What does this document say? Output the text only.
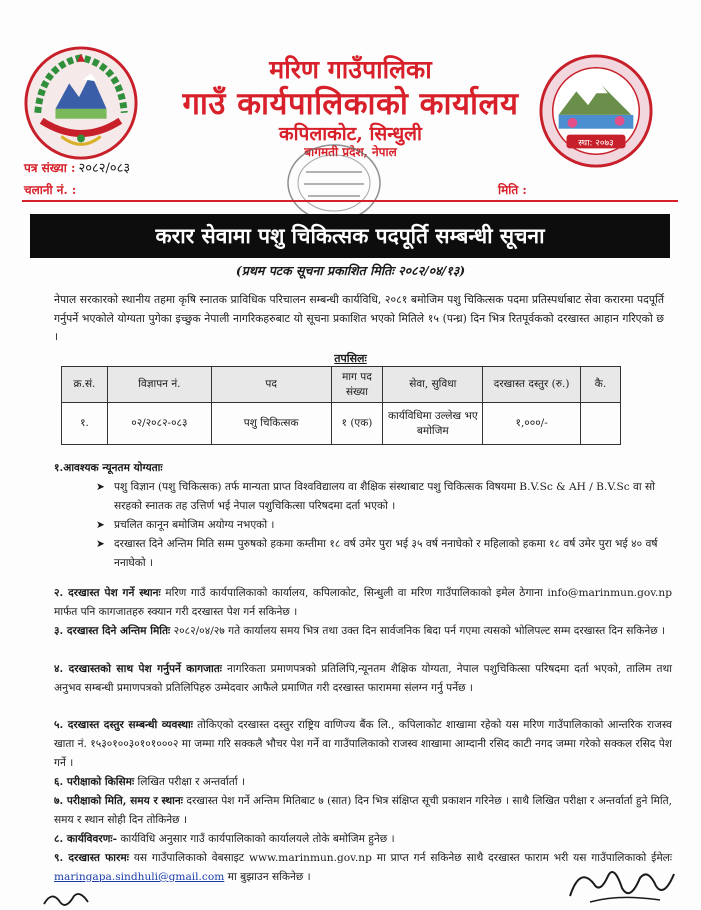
मरिण गाउँपालिका
गाउँ कार्यपालिकाको कार्यालय
कपिलाकोट, सिन्धुली
बागमती प्रदेश, नेपाल
स्था: २०७३
पत्र संख्या : २०८२/०८३
चलानी नं. :	मिति :
करार सेवामा पशु चिकित्सक पदपूर्ति सम्बन्धी सूचना
(प्रथम पटक सूचना प्रकाशित मितिः २०८२/०४/१३)
नेपाल सरकारको स्थानीय तहमा कृषि स्नातक प्राविधिक परिचालन सम्बन्धी कार्यविधि, २०८१ बमोजिम पशु चिकित्सक पदमा प्रतिस्पर्धाबाट सेवा करारमा पदपूर्ति गर्नुपर्ने भएकोले योग्यता पुगेका इच्छुक नेपाली नागरिकहरुबाट यो सूचना प्रकाशित भएको मितिले १५ (पन्ध्र) दिन भित्र रितपूर्वकको दरखास्त आहान गरिएको छ ।
तपसिलः
क्र.सं.	विज्ञापन नं.	पद	माग पद संख्या	सेवा, सुविधा	दरखास्त दस्तुर (रु.)	कै.
१.	०२/२०८२-०८३	पशु चिकित्सक	१ (एक)	कार्यविधिमा उल्लेख भए बमोजिम	१,०००/-	
१.आवश्यक न्यूनतम योग्यताः
➤ पशु विज्ञान (पशु चिकित्सक) तर्फ मान्यता प्राप्त विश्वविद्यालय वा शैक्षिक संस्थाबाट पशु चिकित्सक विषयमा B.V.Sc & AH / B.V.Sc वा सो सरहको स्नातक तह उत्तिर्ण भई नेपाल पशुचिकित्सा परिषदमा दर्ता भएको ।
➤ प्रचलित कानून बमोजिम अयोग्य नभएको ।
➤ दरखास्त दिने अन्तिम मिति सम्म पुरुषको हकमा कम्तीमा १८ वर्ष उमेर पुरा भई ३५ वर्ष ननाघेको र महिलाको हकमा १८ वर्ष उमेर पुरा भई ४० वर्ष ननाघेको ।
२. दरखास्त पेश गर्ने स्थानः मरिण गाउँ कार्यपालिकाको कार्यालय, कपिलाकोट, सिन्धुली वा मरिण गाउँपालिकाको इमेल ठेगाना info@marinmun.gov.np मार्फत पनि कागजातहरु स्क्यान गरी दरखास्त पेश गर्न सकिनेछ ।
३. दरखास्त दिने अन्तिम मितिः २०८२/०४/२७ गते कार्यालय समय भित्र तथा उक्त दिन सार्वजनिक बिदा पर्न गएमा त्यसको भोलिपल्ट सम्म दरखास्त दिन सकिनेछ ।
४. दरखास्तको साथ पेश गर्नुपर्ने कागजातः नागरिकता प्रमाणपत्रको प्रतिलिपि,न्यूनतम शैक्षिक योग्यता, नेपाल पशुचिकित्सा परिषदमा दर्ता भएको, तालिम तथा अनुभव सम्बन्धी प्रमाणपत्रको प्रतिलिपिहरु उम्मेदवार आफैले प्रमाणित गरी दरखास्त फाराममा संलग्न गर्नु पर्नेछ ।
५. दरखास्त दस्तुर सम्बन्धी व्यवस्थाः तोकिएको दरखास्त दस्तुर राष्ट्रिय वाणिज्य बैंक लि., कपिलाकोट शाखामा रहेको यस मरिण गाउँपालिकाको आन्तरिक राजस्व खाता नं. १५३०१००३०१०१०००२ मा जम्मा गरि सक्कलै भौचर पेश गर्ने वा गाउँपालिकाको राजस्व शाखामा आम्दानी रसिद काटी नगद जम्मा गरेको सक्कल रसिद पेश गर्ने ।
६. परीक्षाको किसिमः लिखित परीक्षा र अन्तर्वार्ता ।
७. परीक्षाको मिति, समय र स्थानः दरखास्त पेश गर्ने अन्तिम मितिबाट ७ (सात) दिन भित्र संक्षिप्त सूची प्रकाशन गरिनेछ । साथै लिखित परीक्षा र अन्तर्वार्ता हुने मिति, समय र स्थान सोही दिन तोकिनेछ ।
८. कार्यविवरणः- कार्यविधि अनुसार गाउँ कार्यपालिकाको कार्यालयले तोके बमोजिम हुनेछ ।
९. दरखास्त फारमः यस गाउँपालिकाको वेबसाइट www.marinmun.gov.np मा प्राप्त गर्न सकिनेछ साथै दरखास्त फाराम भरी यस गाउँपालिकाको ईमेलः maringapa.sindhuli@gmail.com मा बुझाउन सकिनेछ ।
